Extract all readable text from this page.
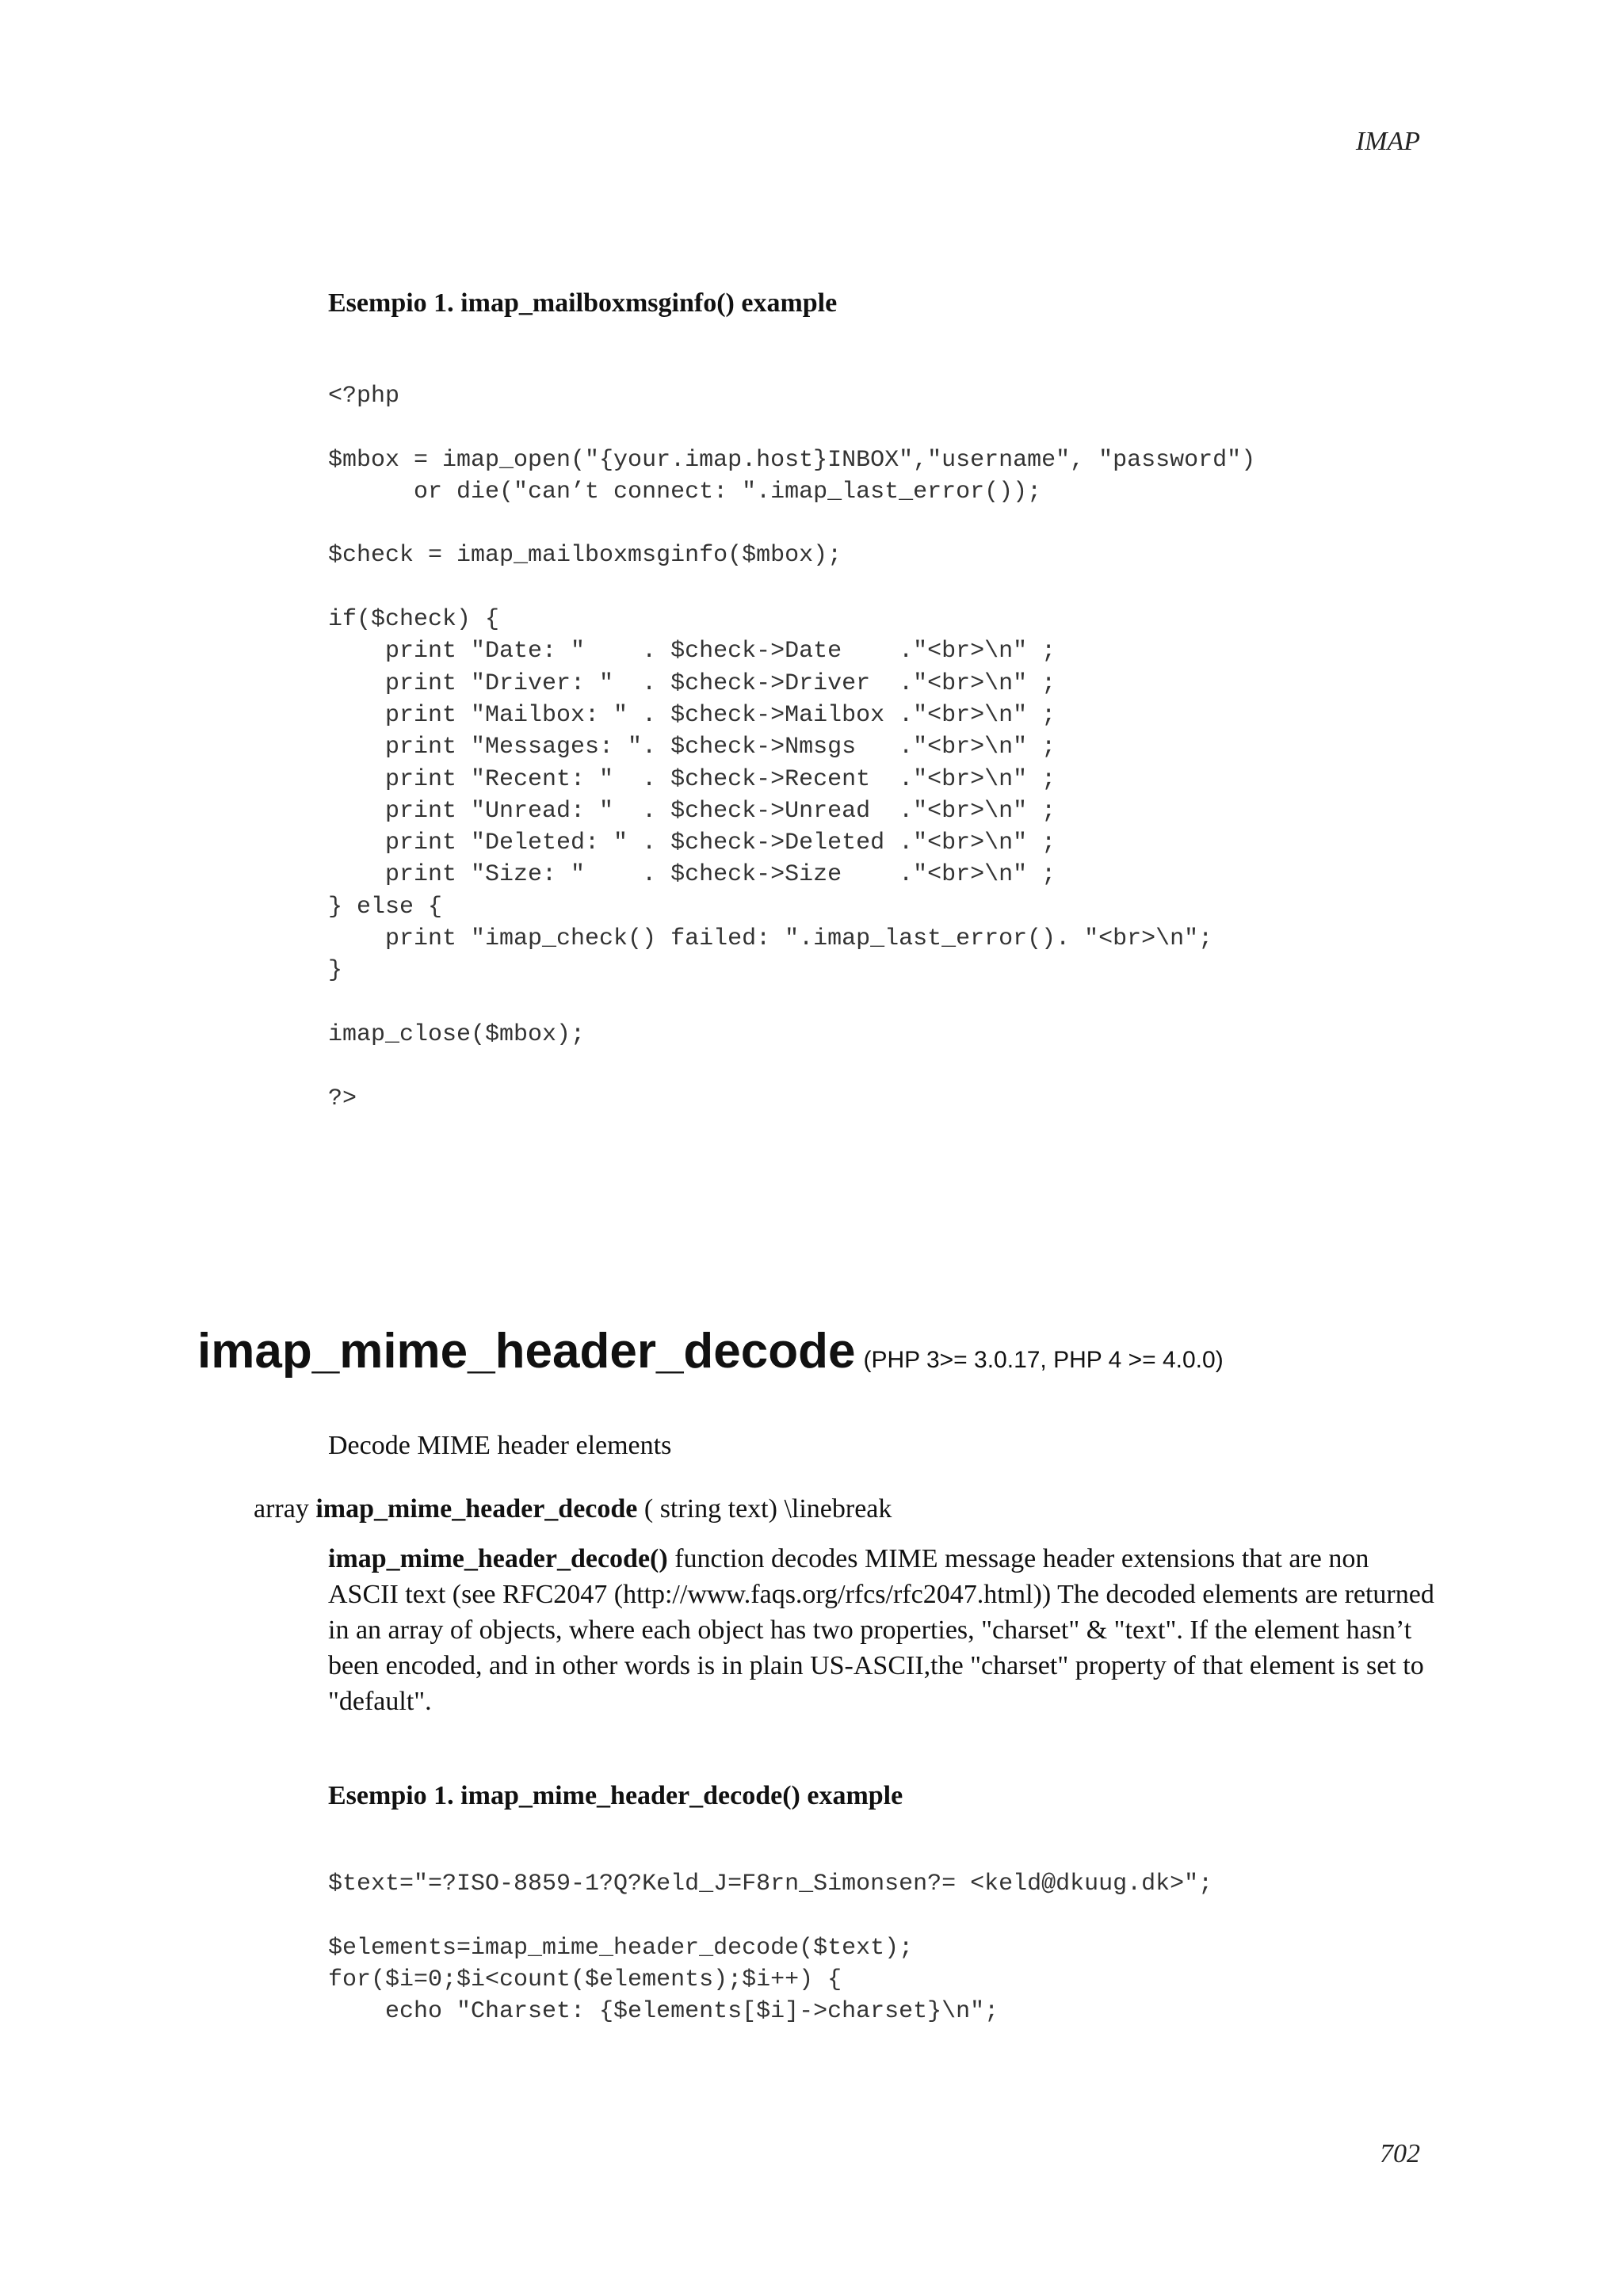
IMAP
Esempio 1. imap_mailboxmsginfo() example
<?php

$mbox = imap_open("{your.imap.host}INBOX","username", "password")
or die("can’t connect: ".imap_last_error());

$check = imap_mailboxmsginfo($mbox);

if($check) {
print "Date: "    . $check->Date    ."<br>\n" ;
print "Driver: "  . $check->Driver  ."<br>\n" ;
print "Mailbox: " . $check->Mailbox ."<br>\n" ;
print "Messages: ". $check->Nmsgs   ."<br>\n" ;
print "Recent: "  . $check->Recent  ."<br>\n" ;
print "Unread: "  . $check->Unread  ."<br>\n" ;
print "Deleted: " . $check->Deleted ."<br>\n" ;
print "Size: "    . $check->Size    ."<br>\n" ;
} else {
print "imap_check() failed: ".imap_last_error(). "<br>\n";
}

imap_close($mbox);

?>
imap_mime_header_decode (PHP 3>= 3.0.17, PHP 4 >= 4.0.0)
Decode MIME header elements
array imap_mime_header_decode ( string text) \linebreak

imap_mime_header_decode() function decodes MIME message header extensions that are non ASCII text (see RFC2047 (http://www.faqs.org/rfcs/rfc2047.html)) The decoded elements are returned in an array of objects, where each object has two properties, "charset" & "text". If the element hasn’t been encoded, and in other words is in plain US-ASCII,the "charset" property of that element is set to "default".

Esempio 1. imap_mime_header_decode() example
$text="=?ISO-8859-1?Q?Keld_J=F8rn_Simonsen?= <keld@dkuug.dk>";

$elements=imap_mime_header_decode($text);
for($i=0;$i<count($elements);$i++) {
echo "Charset: {$elements[$i]->charset}\n";
702
